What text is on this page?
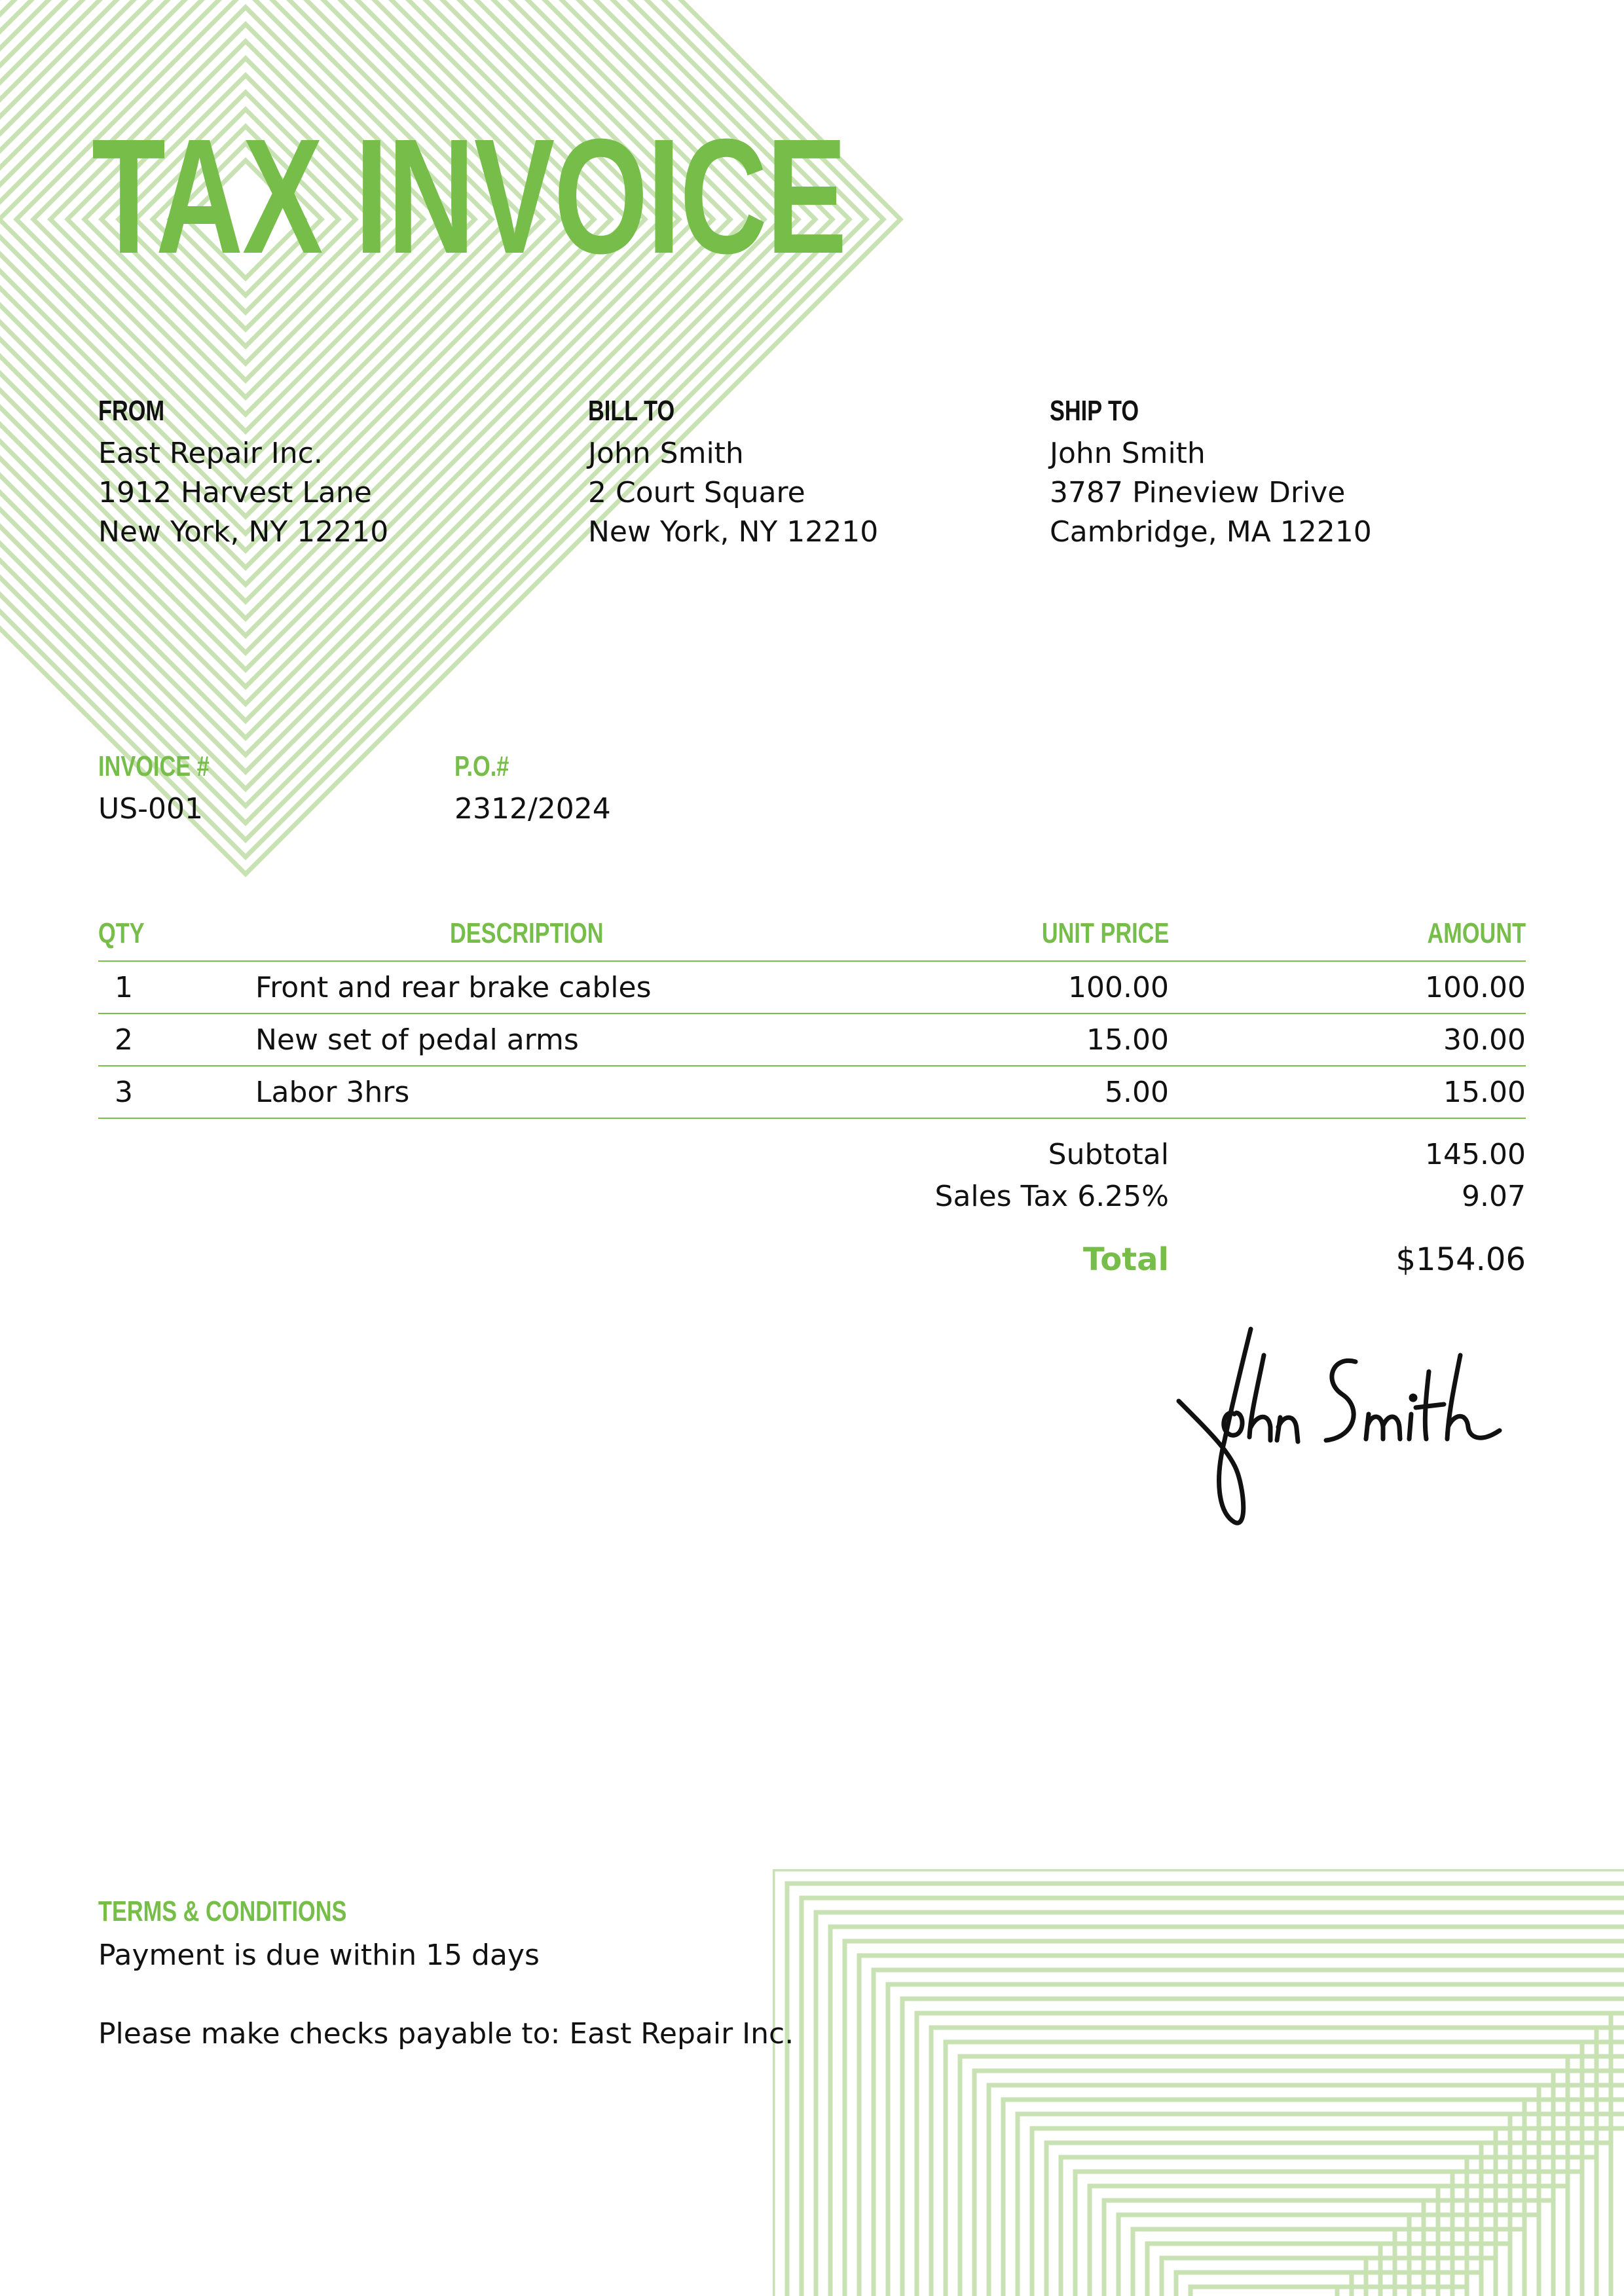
TAX INVOICE
FROM
East Repair Inc.
1912 Harvest Lane
New York, NY 12210
BILL TO
John Smith
2 Court Square
New York, NY 12210
SHIP TO
John Smith
3787 Pineview Drive
Cambridge, MA 12210
INVOICE #
US-001
P.O.#
2312/2024
QTY	DESCRIPTION	UNIT PRICE	AMOUNT
1	Front and rear brake cables	100.00	100.00
2	New set of pedal arms	15.00	30.00
3	Labor 3hrs	5.00	15.00
Subtotal	145.00
Sales Tax 6.25%	9.07
Total	$154.06
TERMS & CONDITIONS

Payment is due within 15 days

Please make checks payable to: East Repair Inc.
